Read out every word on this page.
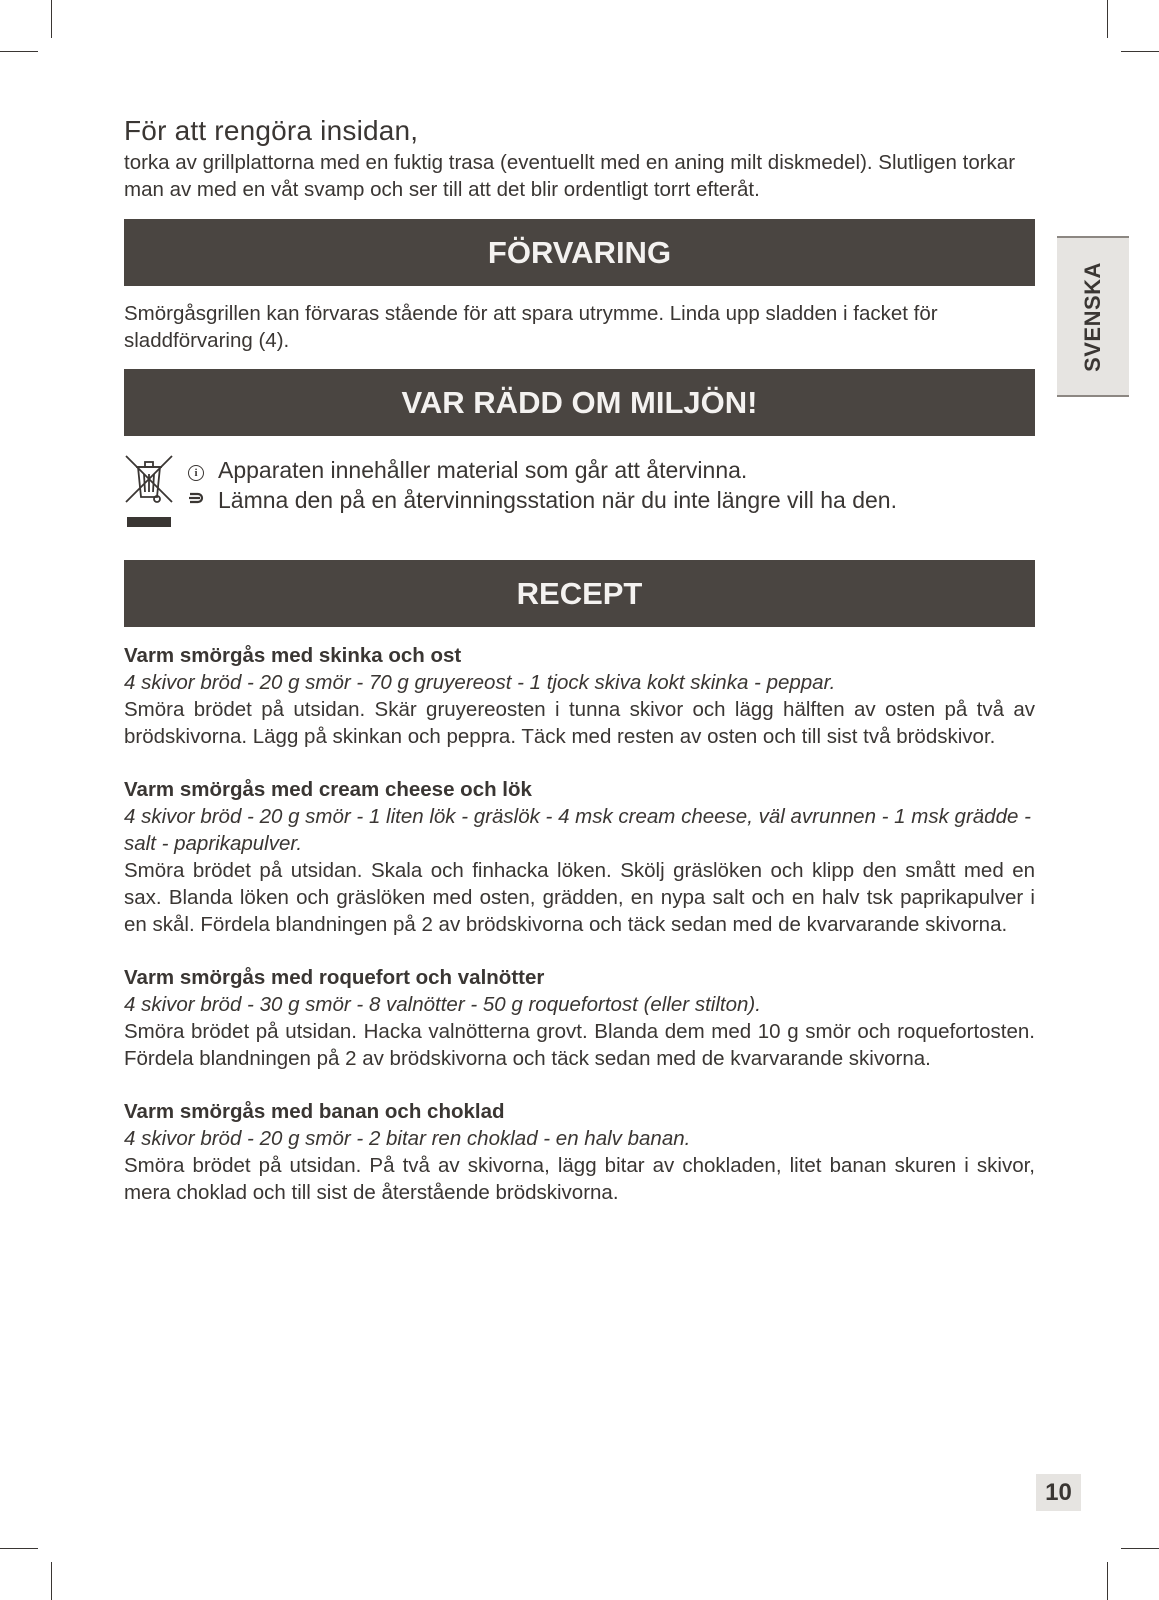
För att rengöra insidan,

torka av grillplattorna med en fuktig trasa (eventuellt med en aning milt diskmedel). Slutligen torkar man av med en våt svamp och ser till att det blir ordentligt torrt efteråt.

FÖRVARING

Smörgåsgrillen kan förvaras stående för att spara utrymme. Linda upp sladden i facket för sladdförvaring (4).

VAR RÄDD OM MILJÖN!
i Apparaten innehåller material som går att återvinna.
Lämna den på en återvinningsstation när du inte längre vill ha den.
RECEPT

Varm smörgås med skinka och ost

4 skivor bröd - 20 g smör - 70 g gruyereost - 1 tjock skiva kokt skinka - peppar.

Smöra brödet på utsidan. Skär gruyereosten i tunna skivor och lägg hälften av osten på två av brödskivorna. Lägg på skinkan och peppra. Täck med resten av osten och till sist två brödskivor.

Varm smörgås med cream cheese och lök

4 skivor bröd - 20 g smör - 1 liten lök - gräslök - 4 msk cream cheese, väl avrunnen - 1 msk grädde - salt - paprikapulver.

Smöra brödet på utsidan. Skala och finhacka löken. Skölj gräslöken och klipp den smått med en sax. Blanda löken och gräslöken med osten, grädden, en nypa salt och en halv tsk paprikapulver i en skål. Fördela blandningen på 2 av brödskivorna och täck sedan med de kvarvarande skivorna.

Varm smörgås med roquefort och valnötter

4 skivor bröd - 30 g smör - 8 valnötter - 50 g roquefortost (eller stilton).

Smöra brödet på utsidan. Hacka valnötterna grovt. Blanda dem med 10 g smör och roquefortosten. Fördela blandningen på 2 av brödskivorna och täck sedan med de kvarvarande skivorna.

Varm smörgås med banan och choklad

4 skivor bröd - 20 g smör - 2 bitar ren choklad - en halv banan.

Smöra brödet på utsidan. På två av skivorna, lägg bitar av chokladen, litet banan skuren i skivor, mera choklad och till sist de återstående brödskivorna.

SVENSKA
10
